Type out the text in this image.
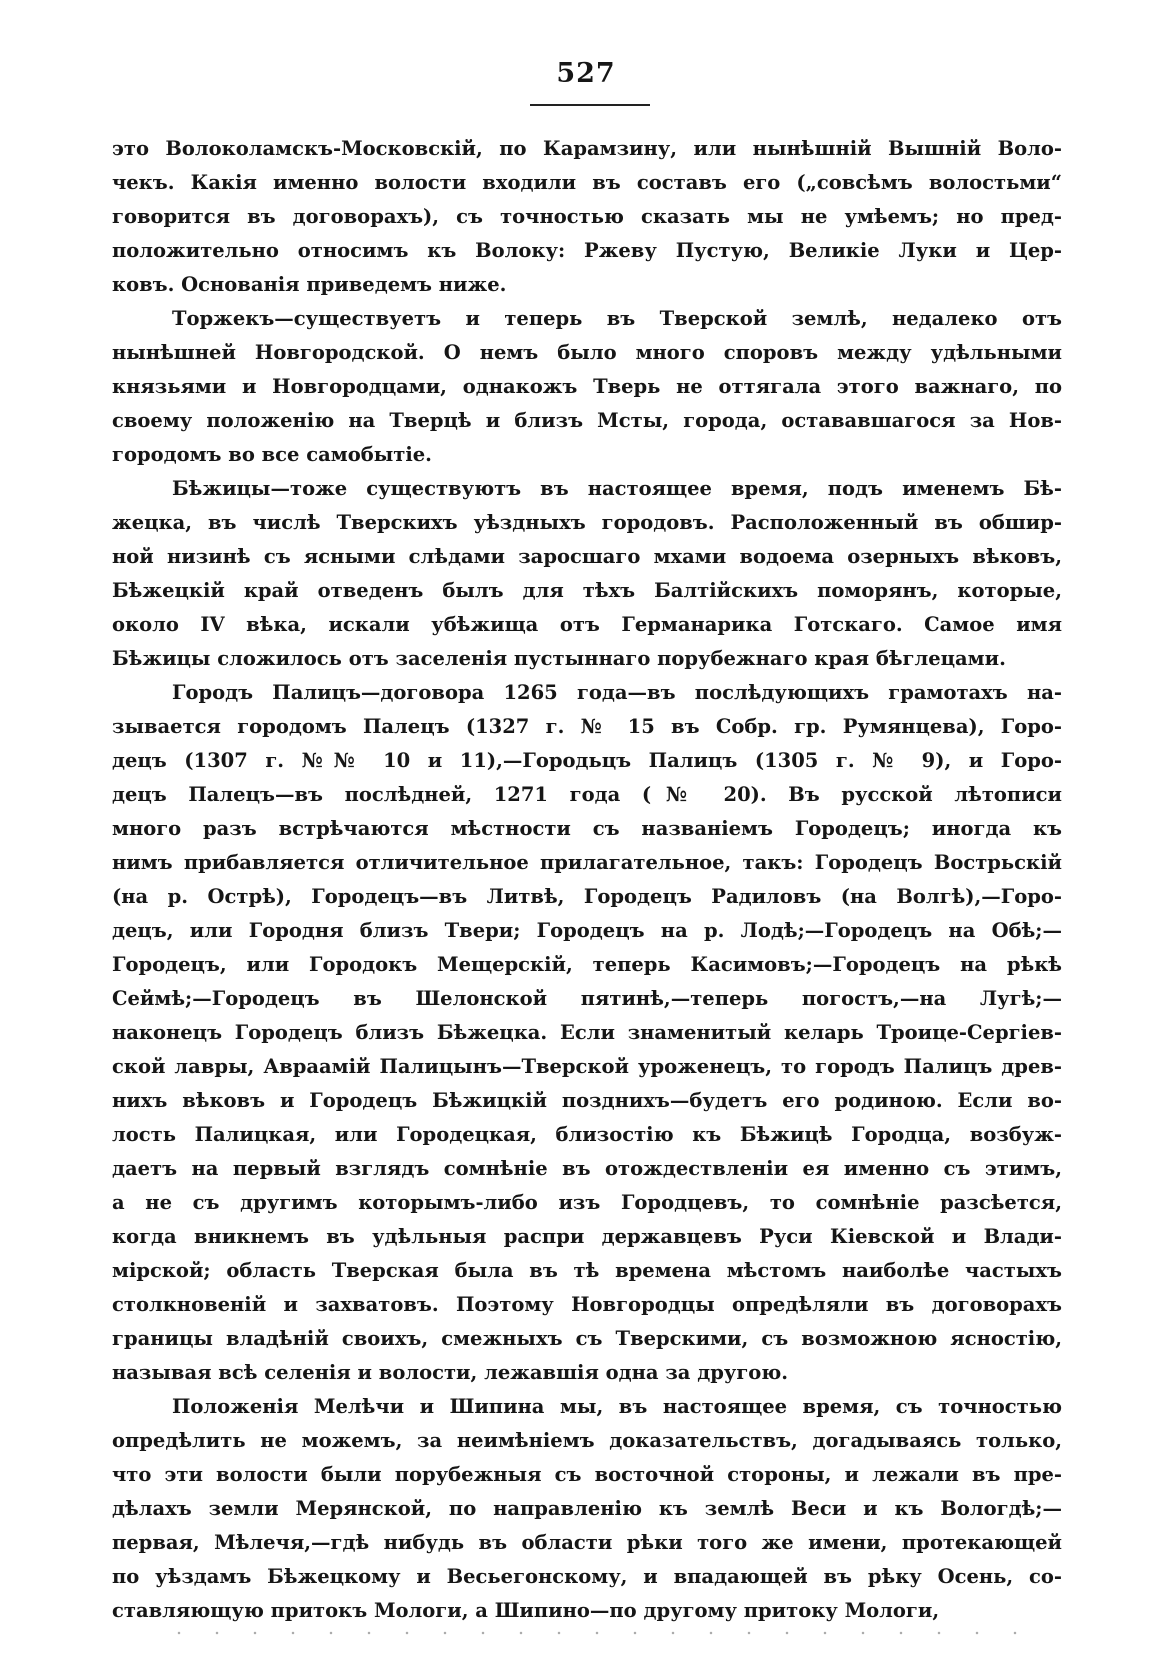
527
это Волоколамскъ-Московскій, по Карамзину, или нынѣшній Вышній Воло-
чекъ. Какія именно волости входили въ составъ его („совсѣмъ волостьми“
говорится въ договорахъ), съ точностью сказать мы не умѣемъ; но пред-
положительно относимъ къ Волоку: Ржеву Пустую, Великіе Луки и Цер-
ковъ. Основанія приведемъ ниже.
Торжекъ—существуетъ и теперь въ Тверской землѣ, недалеко отъ
нынѣшней Новгородской. О немъ было много споровъ между удѣльными
князьями и Новгородцами, однакожъ Тверь не оттягала этого важнаго, по
своему положенію на Тверцѣ и близъ Мсты, города, остававшагося за Нов-
городомъ во все самобытіе.
Бѣжицы—тоже существуютъ въ настоящее время, подъ именемъ Бѣ-
жецка, въ числѣ Тверскихъ уѣздныхъ городовъ. Расположенный въ обшир-
ной низинѣ съ ясными слѣдами заросшаго мхами водоема озерныхъ вѣковъ,
Бѣжецкій край отведенъ былъ для тѣхъ Балтійскихъ поморянъ, которые,
около IV вѣка, искали убѣжища отъ Германарика Готскаго. Самое имя
Бѣжицы сложилось отъ заселенія пустыннаго порубежнаго края бѣглецами.
Городъ Палицъ—договора 1265 года—въ послѣдующихъ грамотахъ на-
зывается городомъ Палецъ (1327 г. № 15 въ Собр. гр. Румянцева), Горо-
децъ (1307 г. №№ 10 и 11),—Городьцъ Палицъ (1305 г. № 9), и Горо-
децъ Палецъ—въ послѣдней, 1271 года (№ 20). Въ русской лѣтописи
много разъ встрѣчаются мѣстности съ названіемъ Городецъ; иногда къ
нимъ прибавляется отличительное прилагательное, такъ: Городецъ Вострьскій
(на р. Острѣ), Городецъ—въ Литвѣ, Городецъ Радиловъ (на Волгѣ),—Горо-
децъ, или Городня близъ Твери; Городецъ на р. Лодѣ;—Городецъ на Обѣ;—
Городецъ, или Городокъ Мещерскій, теперь Касимовъ;—Городецъ на рѣкѣ
Сеймѣ;—Городецъ въ Шелонской пятинѣ,—теперь погостъ,—на Лугѣ;—
наконецъ Городецъ близъ Бѣжецка. Если знаменитый келарь Троице-Сергіев-
ской лавры, Авраамій Палицынъ—Тверской уроженецъ, то городъ Палицъ древ-
нихъ вѣковъ и Городецъ Бѣжицкій позднихъ—будетъ его родиною. Если во-
лость Палицкая, или Городецкая, близостію къ Бѣжицѣ Городца, возбуж-
даетъ на первый взглядъ сомнѣніе въ отождествленіи ея именно съ этимъ,
а не съ другимъ которымъ-либо изъ Городцевъ, то сомнѣніе разсѣется,
когда вникнемъ въ удѣльныя распри державцевъ Руси Кіевской и Влади-
мірской; область Тверская была въ тѣ времена мѣстомъ наиболѣе частыхъ
столкновеній и захватовъ. Поэтому Новгородцы опредѣляли въ договорахъ
границы владѣній своихъ, смежныхъ съ Тверскими, съ возможною ясностію,
называя всѣ селенія и волости, лежавшія одна за другою.
Положенія Мелѣчи и Шипина мы, въ настоящее время, съ точностью
опредѣлить не можемъ, за неимѣніемъ доказательствъ, догадываясь только,
что эти волости были порубежныя съ восточной стороны, и лежали въ пре-
дѣлахъ земли Мерянской, по направленію къ землѣ Веси и къ Вологдѣ;—
первая, Мѣлечя,—гдѣ нибудь въ области рѣки того же имени, протекающей
по уѣздамъ Бѣжецкому и Весьегонскому, и впадающей въ рѣку Осень, со-
ставляющую притокъ Мологи, а Шипино—по другому притоку Мологи,
